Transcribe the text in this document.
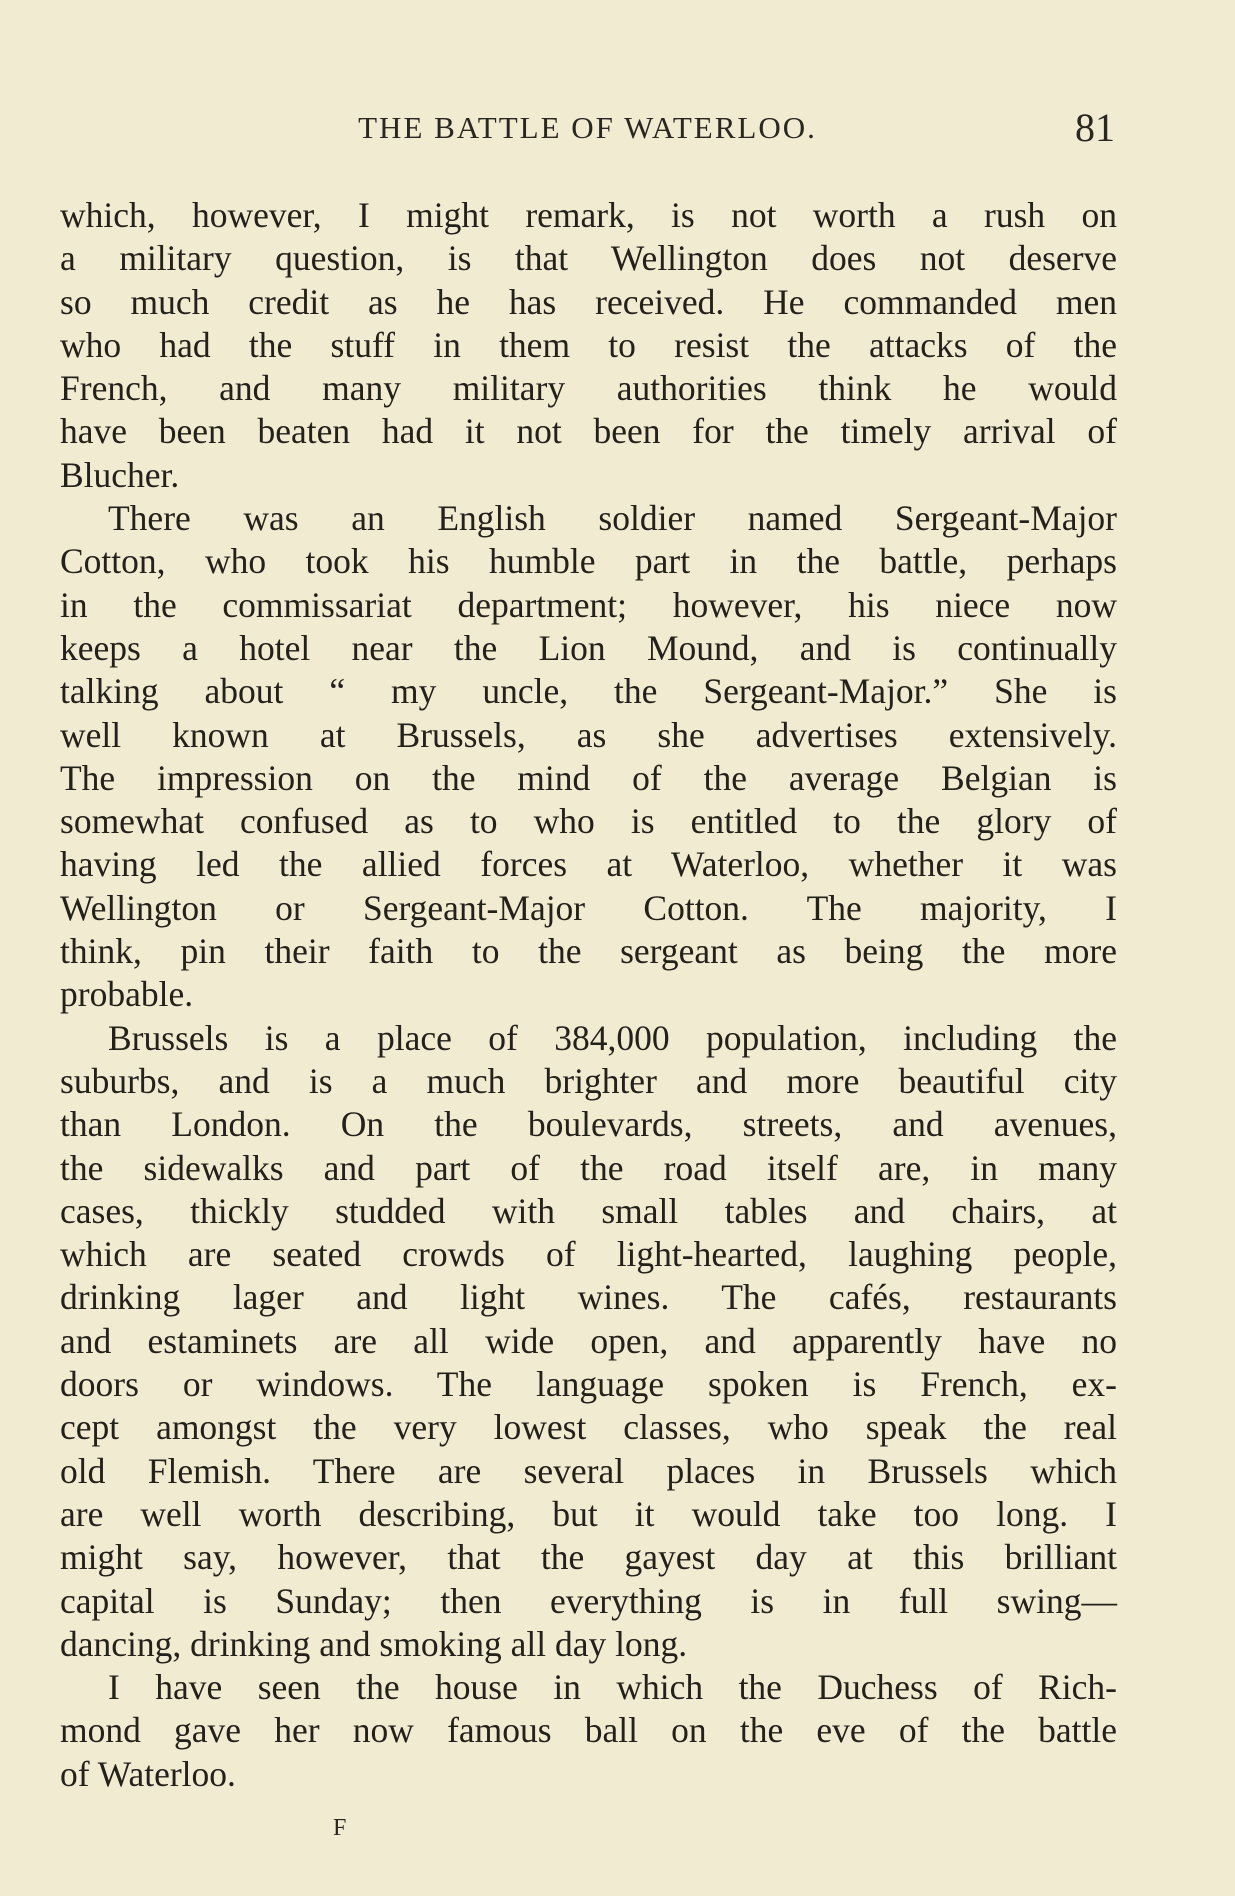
THE BATTLE OF WATERLOO.	81
which, however, I might remark, is not worth a rush on
a military question, is that Wellington does not deserve
so much credit as he has received. He commanded men
who had the stuff in them to resist the attacks of the
French, and many military authorities think he would
have been beaten had it not been for the timely arrival of
Blucher.
There was an English soldier named Sergeant-Major
Cotton, who took his humble part in the battle, perhaps
in the commissariat department; however, his niece now
keeps a hotel near the Lion Mound, and is continually
talking about “ my uncle, the Sergeant-Major.” She is
well known at Brussels, as she advertises extensively.
The impression on the mind of the average Belgian is
somewhat confused as to who is entitled to the glory of
having led the allied forces at Waterloo, whether it was
Wellington or Sergeant-Major Cotton. The majority, I
think, pin their faith to the sergeant as being the more
probable.
Brussels is a place of 384,000 population, including the
suburbs, and is a much brighter and more beautiful city
than London. On the boulevards, streets, and avenues,
the sidewalks and part of the road itself are, in many
cases, thickly studded with small tables and chairs, at
which are seated crowds of light-hearted, laughing people,
drinking lager and light wines. The cafés, restaurants
and estaminets are all wide open, and apparently have no
doors or windows. The language spoken is French, ex-
cept amongst the very lowest classes, who speak the real
old Flemish. There are several places in Brussels which
are well worth describing, but it would take too long. I
might say, however, that the gayest day at this brilliant
capital is Sunday; then everything is in full swing—
dancing, drinking and smoking all day long.
I have seen the house in which the Duchess of Rich-
mond gave her now famous ball on the eve of the battle
of Waterloo.
F
